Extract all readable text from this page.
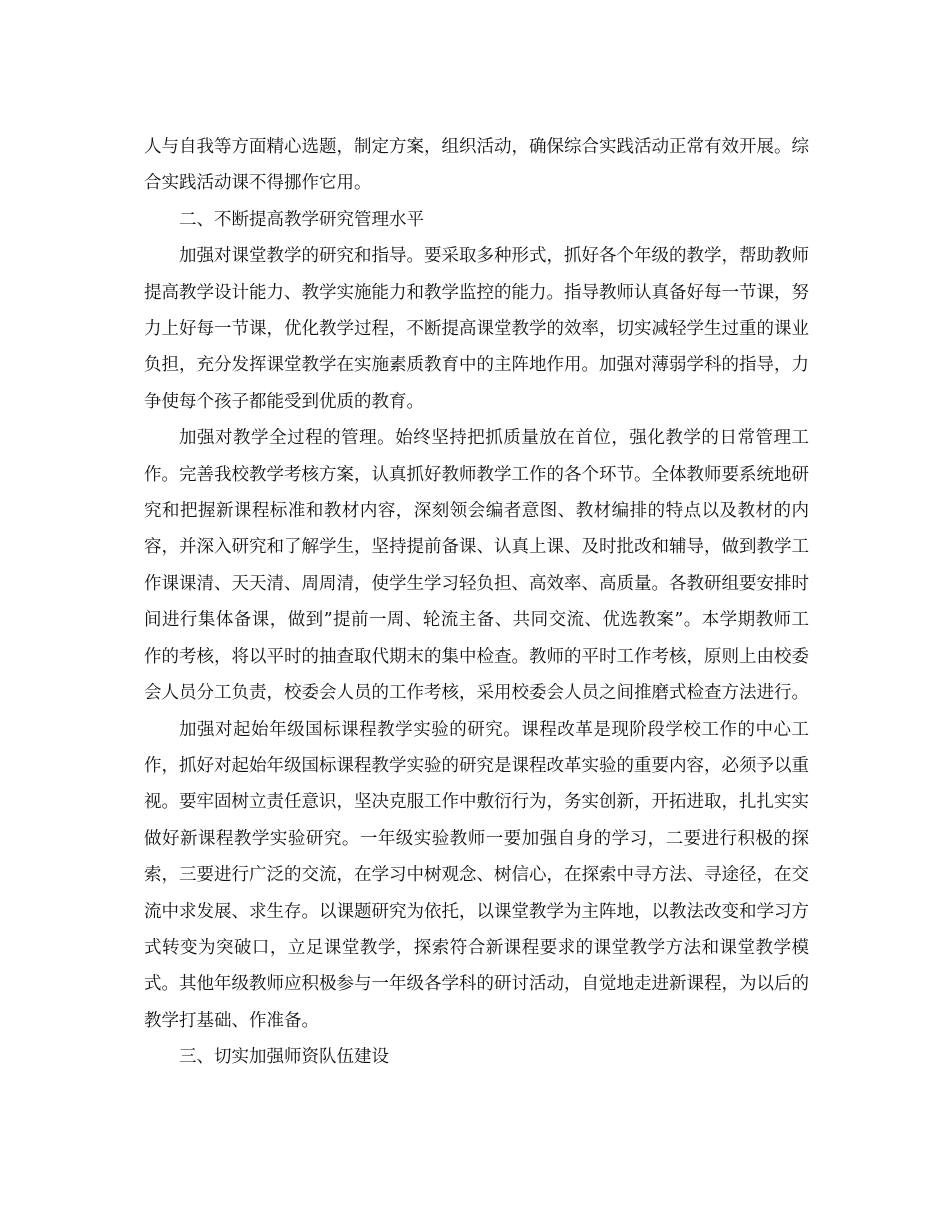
人与自我等方面精心选题，制定方案，组织活动，确保综合实践活动正常有效开展。综合实践活动课不得挪作它用。

二、不断提高教学研究管理水平

加强对课堂教学的研究和指导。要采取多种形式，抓好各个年级的教学，帮助教师提高教学设计能力、教学实施能力和教学监控的能力。指导教师认真备好每一节课，努力上好每一节课，优化教学过程，不断提高课堂教学的效率，切实减轻学生过重的课业负担，充分发挥课堂教学在实施素质教育中的主阵地作用。加强对薄弱学科的指导，力争使每个孩子都能受到优质的教育。

加强对教学全过程的管理。始终坚持把抓质量放在首位，强化教学的日常管理工作。完善我校教学考核方案，认真抓好教师教学工作的各个环节。全体教师要系统地研究和把握新课程标准和教材内容，深刻领会编者意图、教材编排的特点以及教材的内容，并深入研究和了解学生，坚持提前备课、认真上课、及时批改和辅导，做到教学工作课课清、天天清、周周清，使学生学习轻负担、高效率、高质量。各教研组要安排时间进行集体备课，做到”提前一周、轮流主备、共同交流、优选教案”。本学期教师工作的考核，将以平时的抽查取代期末的集中检查。教师的平时工作考核，原则上由校委会人员分工负责，校委会人员的工作考核，采用校委会人员之间推磨式检查方法进行。

加强对起始年级国标课程教学实验的研究。课程改革是现阶段学校工作的中心工作，抓好对起始年级国标课程教学实验的研究是课程改革实验的重要内容，必须予以重视。要牢固树立责任意识，坚决克服工作中敷衍行为，务实创新，开拓进取，扎扎实实做好新课程教学实验研究。一年级实验教师一要加强自身的学习，二要进行积极的探索，三要进行广泛的交流，在学习中树观念、树信心，在探索中寻方法、寻途径，在交流中求发展、求生存。以课题研究为依托，以课堂教学为主阵地，以教法改变和学习方式转变为突破口，立足课堂教学，探索符合新课程要求的课堂教学方法和课堂教学模式。其他年级教师应积极参与一年级各学科的研讨活动，自觉地走进新课程，为以后的教学打基础、作准备。

三、切实加强师资队伍建设
